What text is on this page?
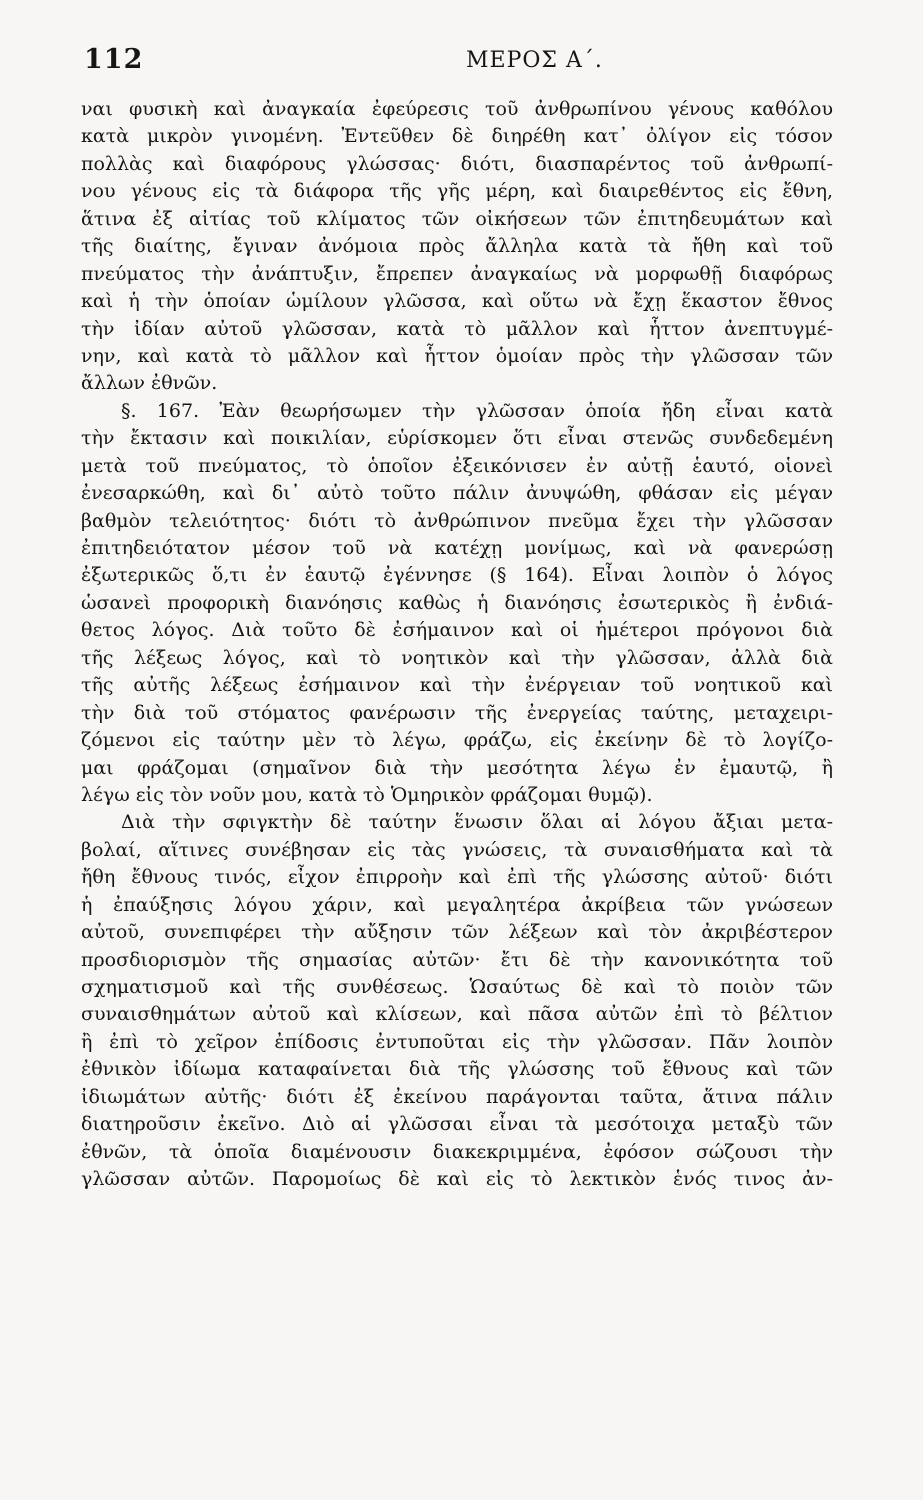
112	ΜΕΡΟΣ Α΄.
ναι φυσικὴ καὶ ἀναγκαία ἐφεύρεσις τοῦ ἀνθρωπίνου γένους καθόλου
κατὰ μικρὸν γινομένη. Ἐντεῦθεν δὲ διηρέθη κατ᾽ ὀλίγον εἰς τόσον
πολλὰς καὶ διαφόρους γλώσσας· διότι, διασπαρέντος τοῦ ἀνθρωπί-
νου γένους εἰς τὰ διάφορα τῆς γῆς μέρη, καὶ διαιρεθέντος εἰς ἔθνη,
ἅτινα ἐξ αἰτίας τοῦ κλίματος τῶν οἰκήσεων τῶν ἐπιτηδευμάτων καὶ
τῆς διαίτης, ἔγιναν ἀνόμοια πρὸς ἄλληλα κατὰ τὰ ἤθη καὶ τοῦ
πνεύματος τὴν ἀνάπτυξιν, ἔπρεπεν ἀναγκαίως νὰ μορφωθῇ διαφόρως
καὶ ἡ τὴν ὁποίαν ὡμίλουν γλῶσσα, καὶ οὕτω νὰ ἔχῃ ἕκαστον ἔθνος
τὴν ἰδίαν αὐτοῦ γλῶσσαν, κατὰ τὸ μᾶλλον καὶ ἧττον ἀνεπτυγμέ-
νην, καὶ κατὰ τὸ μᾶλλον καὶ ἧττον ὁμοίαν πρὸς τὴν γλῶσσαν τῶν
ἄλλων ἐθνῶν.
§. 167. Ἐὰν θεωρήσωμεν τὴν γλῶσσαν ὁποία ἤδη εἶναι κατὰ
τὴν ἔκτασιν καὶ ποικιλίαν, εὑρίσκομεν ὅτι εἶναι στενῶς συνδεδεμένη
μετὰ τοῦ πνεύματος, τὸ ὁποῖον ἐξεικόνισεν ἐν αὐτῇ ἑαυτό, οἱονεὶ
ἐνεσαρκώθη, καὶ δι᾽ αὐτὸ τοῦτο πάλιν ἀνυψώθη, φθάσαν εἰς μέγαν
βαθμὸν τελειότητος· διότι τὸ ἀνθρώπινον πνεῦμα ἔχει τὴν γλῶσσαν
ἐπιτηδειότατον μέσον τοῦ νὰ κατέχῃ μονίμως, καὶ νὰ φανερώσῃ
ἐξωτερικῶς ὅ,τι ἐν ἑαυτῷ ἐγέννησε (§ 164). Εἶναι λοιπὸν ὁ λόγος
ὡσανεὶ προφορικὴ διανόησις καθὼς ἡ διανόησις ἐσωτερικὸς ἢ ἐνδιά-
θετος λόγος. Διὰ τοῦτο δὲ ἐσήμαινον καὶ οἱ ἡμέτεροι πρόγονοι διὰ
τῆς λέξεως λόγος, καὶ τὸ νοητικὸν καὶ τὴν γλῶσσαν, ἀλλὰ διὰ
τῆς αὐτῆς λέξεως ἐσήμαινον καὶ τὴν ἐνέργειαν τοῦ νοητικοῦ καὶ
τὴν διὰ τοῦ στόματος φανέρωσιν τῆς ἐνεργείας ταύτης, μεταχειρι-
ζόμενοι εἰς ταύτην μὲν τὸ λέγω, φράζω, εἰς ἐκείνην δὲ τὸ λογίζο-
μαι φράζομαι (σημαῖνον διὰ τὴν μεσότητα λέγω ἐν ἐμαυτῷ, ἢ
λέγω εἰς τὸν νοῦν μου, κατὰ τὸ Ὁμηρικὸν φράζομαι θυμῷ).
Διὰ τὴν σφιγκτὴν δὲ ταύτην ἕνωσιν ὅλαι αἱ λόγου ἄξιαι μετα-
βολαί, αἵτινες συνέβησαν εἰς τὰς γνώσεις, τὰ συναισθήματα καὶ τὰ
ἤθη ἔθνους τινός, εἶχον ἐπιρροὴν καὶ ἐπὶ τῆς γλώσσης αὐτοῦ· διότι
ἡ ἐπαύξησις λόγου χάριν, καὶ μεγαλητέρα ἀκρίβεια τῶν γνώσεων
αὐτοῦ, συνεπιφέρει τὴν αὔξησιν τῶν λέξεων καὶ τὸν ἀκριβέστερον
προσδιορισμὸν τῆς σημασίας αὐτῶν· ἔτι δὲ τὴν κανονικότητα τοῦ
σχηματισμοῦ καὶ τῆς συνθέσεως. Ὡσαύτως δὲ καὶ τὸ ποιὸν τῶν
συναισθημάτων αὐτοῦ καὶ κλίσεων, καὶ πᾶσα αὐτῶν ἐπὶ τὸ βέλτιον
ἢ ἐπὶ τὸ χεῖρον ἐπίδοσις ἐντυποῦται εἰς τὴν γλῶσσαν. Πᾶν λοιπὸν
ἐθνικὸν ἰδίωμα καταφαίνεται διὰ τῆς γλώσσης τοῦ ἔθνους καὶ τῶν
ἰδιωμάτων αὐτῆς· διότι ἐξ ἐκείνου παράγονται ταῦτα, ἅτινα πάλιν
διατηροῦσιν ἐκεῖνο. Διὸ αἱ γλῶσσαι εἶναι τὰ μεσότοιχα μεταξὺ τῶν
ἐθνῶν, τὰ ὁποῖα διαμένουσιν διακεκριμμένα, ἐφόσον σώζουσι τὴν
γλῶσσαν αὐτῶν. Παρομοίως δὲ καὶ εἰς τὸ λεκτικὸν ἑνός τινος ἀν-
